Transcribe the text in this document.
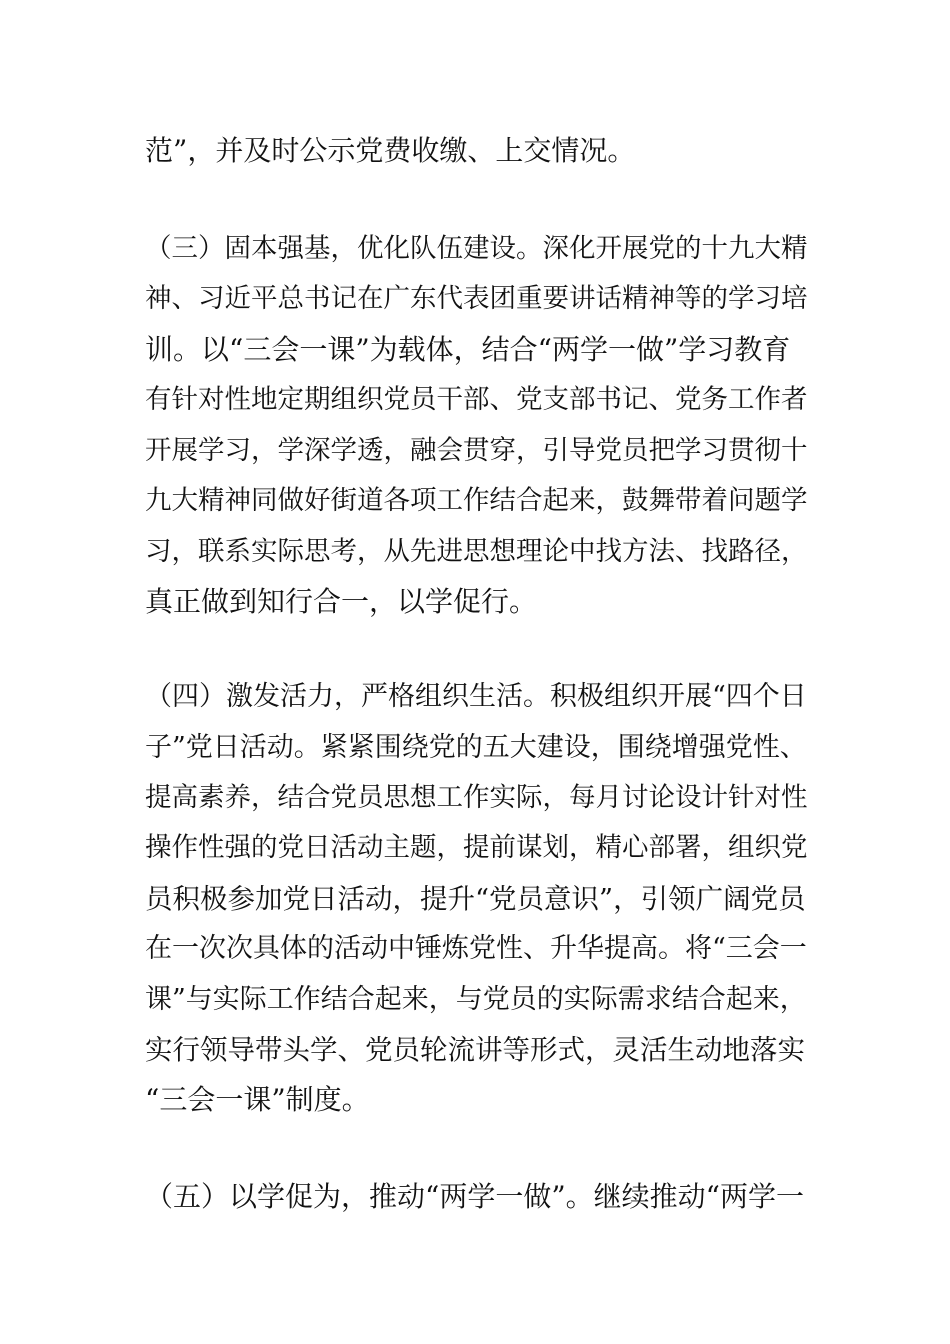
范”，并及时公示党费收缴、上交情况。
（三）固本强基，优化队伍建设。深化开展党的十九大精
神、习近平总书记在广东代表团重要讲话精神等的学习培
训。以“三会一课”为载体，结合“两学一做”学习教育
有针对性地定期组织党员干部、党支部书记、党务工作者
开展学习，学深学透，融会贯穿，引导党员把学习贯彻十
九大精神同做好街道各项工作结合起来，鼓舞带着问题学
习，联系实际思考，从先进思想理论中找方法、找路径，
真正做到知行合一，以学促行。
（四）激发活力，严格组织生活。积极组织开展“四个日
子”党日活动。紧紧围绕党的五大建设，围绕增强党性、
提高素养，结合党员思想工作实际，每月讨论设计针对性
操作性强的党日活动主题，提前谋划，精心部署，组织党
员积极参加党日活动，提升“党员意识”，引领广阔党员
在一次次具体的活动中锤炼党性、升华提高。将“三会一
课”与实际工作结合起来，与党员的实际需求结合起来，
实行领导带头学、党员轮流讲等形式，灵活生动地落实
“三会一课”制度。
（五）以学促为，推动“两学一做”。继续推动“两学一
